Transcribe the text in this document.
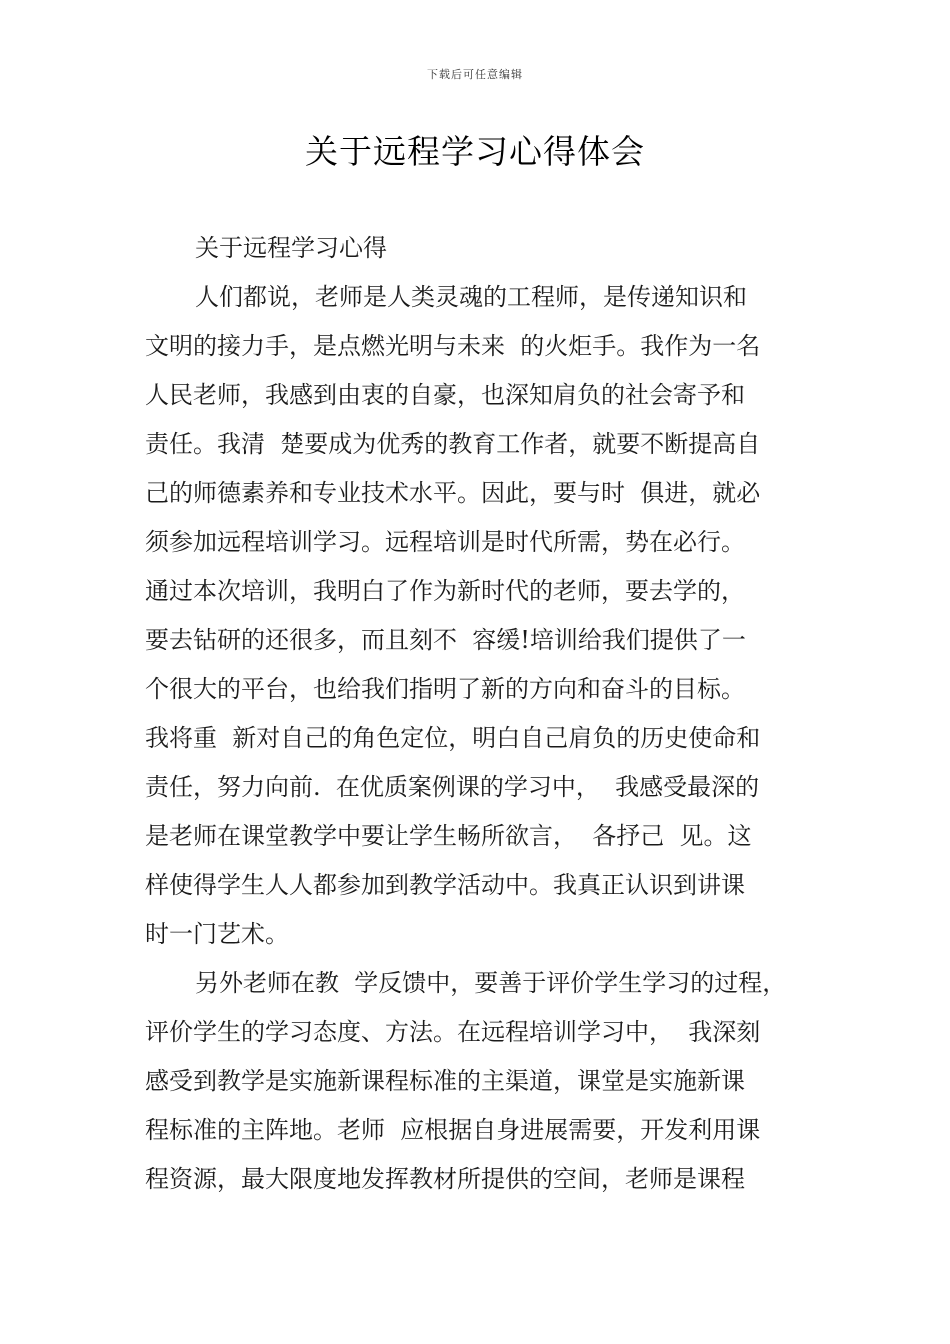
下载后可任意编辑
关于远程学习心得体会
关于远程学习心得
人们都说，老师是人类灵魂的工程师，是传递知识和
文明的接力手，是点燃光明与未来  的火炬手。我作为一名
人民老师，我感到由衷的自豪，也深知肩负的社会寄予和
责任。我清  楚要成为优秀的教育工作者，就要不断提高自
己的师德素养和专业技术水平。因此，要与时  俱进，就必
须参加远程培训学习。远程培训是时代所需，势在必行。
通过本次培训，我明白了作为新时代的老师，要去学的，
要去钻研的还很多，而且刻不  容缓!培训给我们提供了一
个很大的平台，也给我们指明了新的方向和奋斗的目标。
我将重  新对自己的角色定位，明白自己肩负的历史使命和
责任，努力向前.  在优质案例课的学习中，  我感受最深的
是老师在课堂教学中要让学生畅所欲言，  各抒己  见。这
样使得学生人人都参加到教学活动中。我真正认识到讲课
时一门艺术。
另外老师在教  学反馈中，要善于评价学生学习的过程，
评价学生的学习态度、方法。在远程培训学习中，  我深刻
感受到教学是实施新课程标准的主渠道，课堂是实施新课
程标准的主阵地。老师  应根据自身进展需要，开发利用课
程资源，最大限度地发挥教材所提供的空间，老师是课程
